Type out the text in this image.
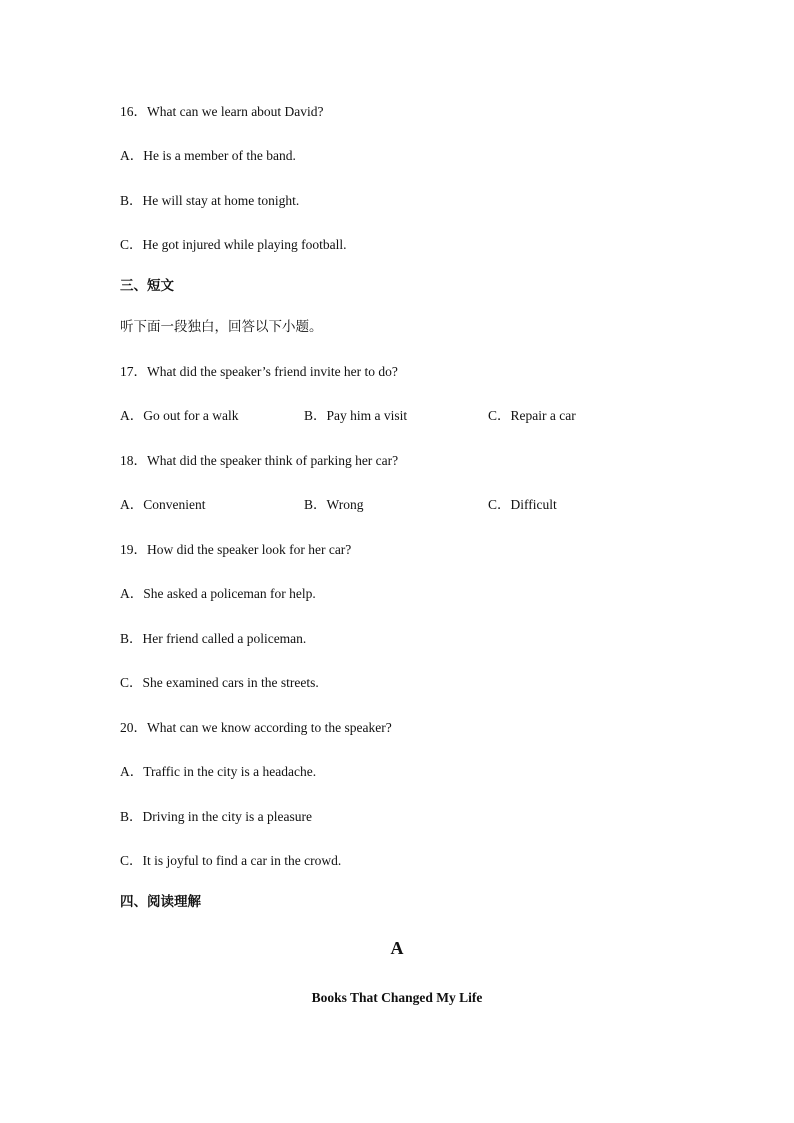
16．What can we learn about David?
A．He is a member of the band.
B．He will stay at home tonight.
C．He got injured while playing football.
三、短文
听下面一段独白，回答以下小题。
17．What did the speaker’s friend invite her to do?
A．Go out for a walk	B．Pay him a visit	C．Repair a car
18．What did the speaker think of parking her car?
A．Convenient	B．Wrong	C．Difficult
19．How did the speaker look for her car?
A．She asked a policeman for help.
B．Her friend called a policeman.
C．She examined cars in the streets.
20．What can we know according to the speaker?
A．Traffic in the city is a headache.
B．Driving in the city is a pleasure
C．It is joyful to find a car in the crowd.
四、阅读理解
A
Books That Changed My Life
